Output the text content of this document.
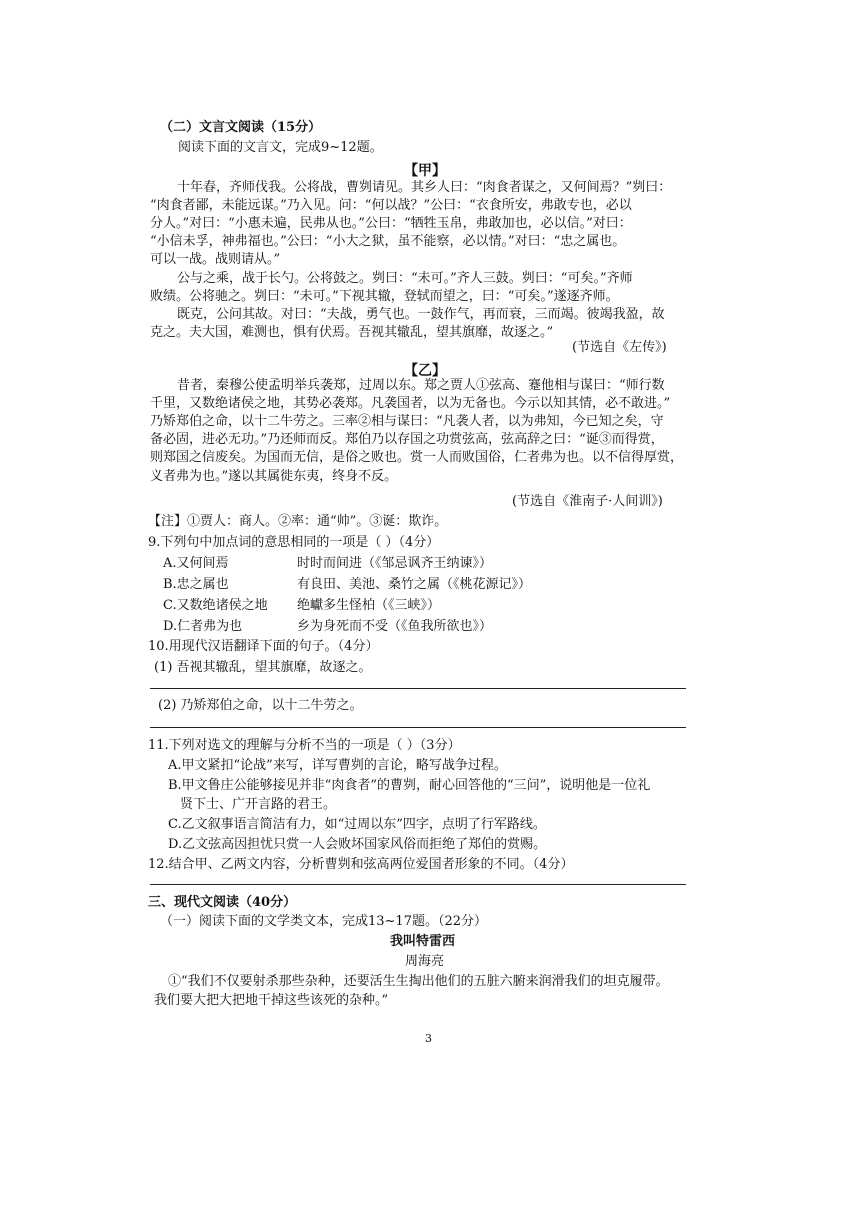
（二）文言文阅读（15分）
阅读下面的文言文，完成9~12题。
【甲】
十年春，齐师伐我。公将战，曹刿请见。其乡人曰：“肉食者谋之，又何间焉？”刿曰：
“肉食者鄙，未能远谋。”乃入见。问：“何以战？”公曰：“衣食所安，弗敢专也，必以
分人。”对曰：“小惠未遍，民弗从也。”公曰：“牺牲玉帛，弗敢加也，必以信。”对曰：
“小信未孚，神弗福也。”公曰：“小大之狱，虽不能察，必以情。”对曰：“忠之属也。
可以一战。战则请从。”
公与之乘，战于长勺。公将鼓之。刿曰：“未可。”齐人三鼓。刿曰：“可矣。”齐师
败绩。公将驰之。刿曰：“未可。”下视其辙，登轼而望之，曰：“可矣。”遂逐齐师。
既克，公问其故。对曰：“夫战，勇气也。一鼓作气，再而衰，三而竭。彼竭我盈，故
克之。夫大国，难测也，惧有伏焉。吾视其辙乱，望其旗靡，故逐之。”
(节选自《左传》)
【乙】
昔者，秦穆公使孟明举兵袭郑，过周以东。郑之贾人①弦高、蹇他相与谋曰：“师行数
千里，又数绝诸侯之地，其势必袭郑。凡袭国者，以为无备也。今示以知其情，必不敢进。”
乃矫郑伯之命，以十二牛劳之。三率②相与谋曰：“凡袭人者，以为弗知，今已知之矣，守
备必固，进必无功。”乃还师而反。郑伯乃以存国之功赏弦高，弦高辞之曰：“诞③而得赏，
则郑国之信废矣。为国而无信，是俗之败也。赏一人而败国俗，仁者弗为也。以不信得厚赏，
义者弗为也。”遂以其属徙东夷，终身不反。
(节选自《淮南子·人间训》)
【注】①贾人：商人。②率：通“帅”。③诞：欺诈。
9.下列句中加点词的意思相同的一项是（ ）（4分）
A.又何间焉	时时而间进（《邹忌讽齐王纳谏》）
B.忠之属也	有良田、美池、桑竹之属（《桃花源记》）
C.又数绝诸侯之地 绝巘多生怪柏（《三峡》）
D.仁者弗为也	乡为身死而不受（《鱼我所欲也》）
10.用现代汉语翻译下面的句子。（4分）
(1) 吾视其辙乱，望其旗靡，故逐之。
(2) 乃矫郑伯之命，以十二牛劳之。
11.下列对选文的理解与分析不当的一项是（ ）（3分）
A.甲文紧扣“论战”来写，详写曹刿的言论，略写战争过程。
B.甲文鲁庄公能够接见并非“肉食者”的曹刿，耐心回答他的“三问”，说明他是一位礼
贤下士、广开言路的君王。
C.乙文叙事语言简洁有力，如“过周以东”四字，点明了行军路线。
D.乙文弦高因担忧只赏一人会败坏国家风俗而拒绝了郑伯的赏赐。
12.结合甲、乙两文内容，分析曹刿和弦高两位爱国者形象的不同。（4分）
三、现代文阅读（40分）
（一）阅读下面的文学类文本，完成13~17题。（22分）
我叫特雷西
周海亮
①“我们不仅要射杀那些杂种，还要活生生掏出他们的五脏六腑来润滑我们的坦克履带。
我们要大把大把地干掉这些该死的杂种。”
3
